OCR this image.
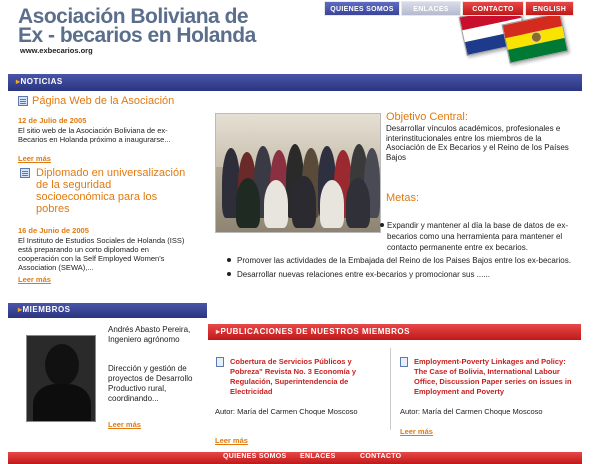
Asociación Boliviana de
Ex - becarios en Holanda
www.exbecarios.org
▸ NOTICIAS
QUIENES SOMOS	ENLACES	CONTACTO	ENGLISH
Página Web de la Asociación
12 de Julio de 2005
El sitio web de la Asociación Boliviana de ex-Becarios en Holanda próximo a inaugurarse...
Leer más
Diplomado en universalización de la seguridad socioeconómica para los pobres
16 de Junio de 2005
El Instituto de Estudios Sociales de Holanda (ISS) está preparando un corto diplomado en cooperación con la Self Employed Women's Association (SEWA),...
Leer más
Objetivo Central:
Desarrollar vínculos académicos, profesionales e interinstitucionales entre los miembros de la Asociación de Ex Becarios y el Reino de los Países Bajos
Metas:
Expandir y mantener al día la base de datos de ex-becarios como una herramienta para mantener el contacto permanente entre ex becarios.
Promover las actividades de la Embajada del Reino de los Paises Bajos entre los ex-becarios.
Desarrollar nuevas relaciones entre ex-becarios y promocionar sus ......
▸ MIEMBROS
Andrés Abasto Pereira,
Ingeniero agrónomo
Dirección y gestión de proyectos de Desarrollo Productivo rural, coordinando...
Leer más
▸ PUBLICACIONES DE NUESTROS MIEMBROS
Cobertura de Servicios Públicos y Pobreza" Revista No. 3 Economía y Regulación, Superintendencia de Electricidad
Autor: María del Carmen Choque Moscoso
Leer más
Employment-Poverty Linkages and Policy: The Case of Bolivia, International Labour Office, Discussion Paper series on issues in Employment and Poverty
Autor: María del Carmen Choque Moscoso
Leer más
QUIENES SOMOS ENLACES	CONTACTO
